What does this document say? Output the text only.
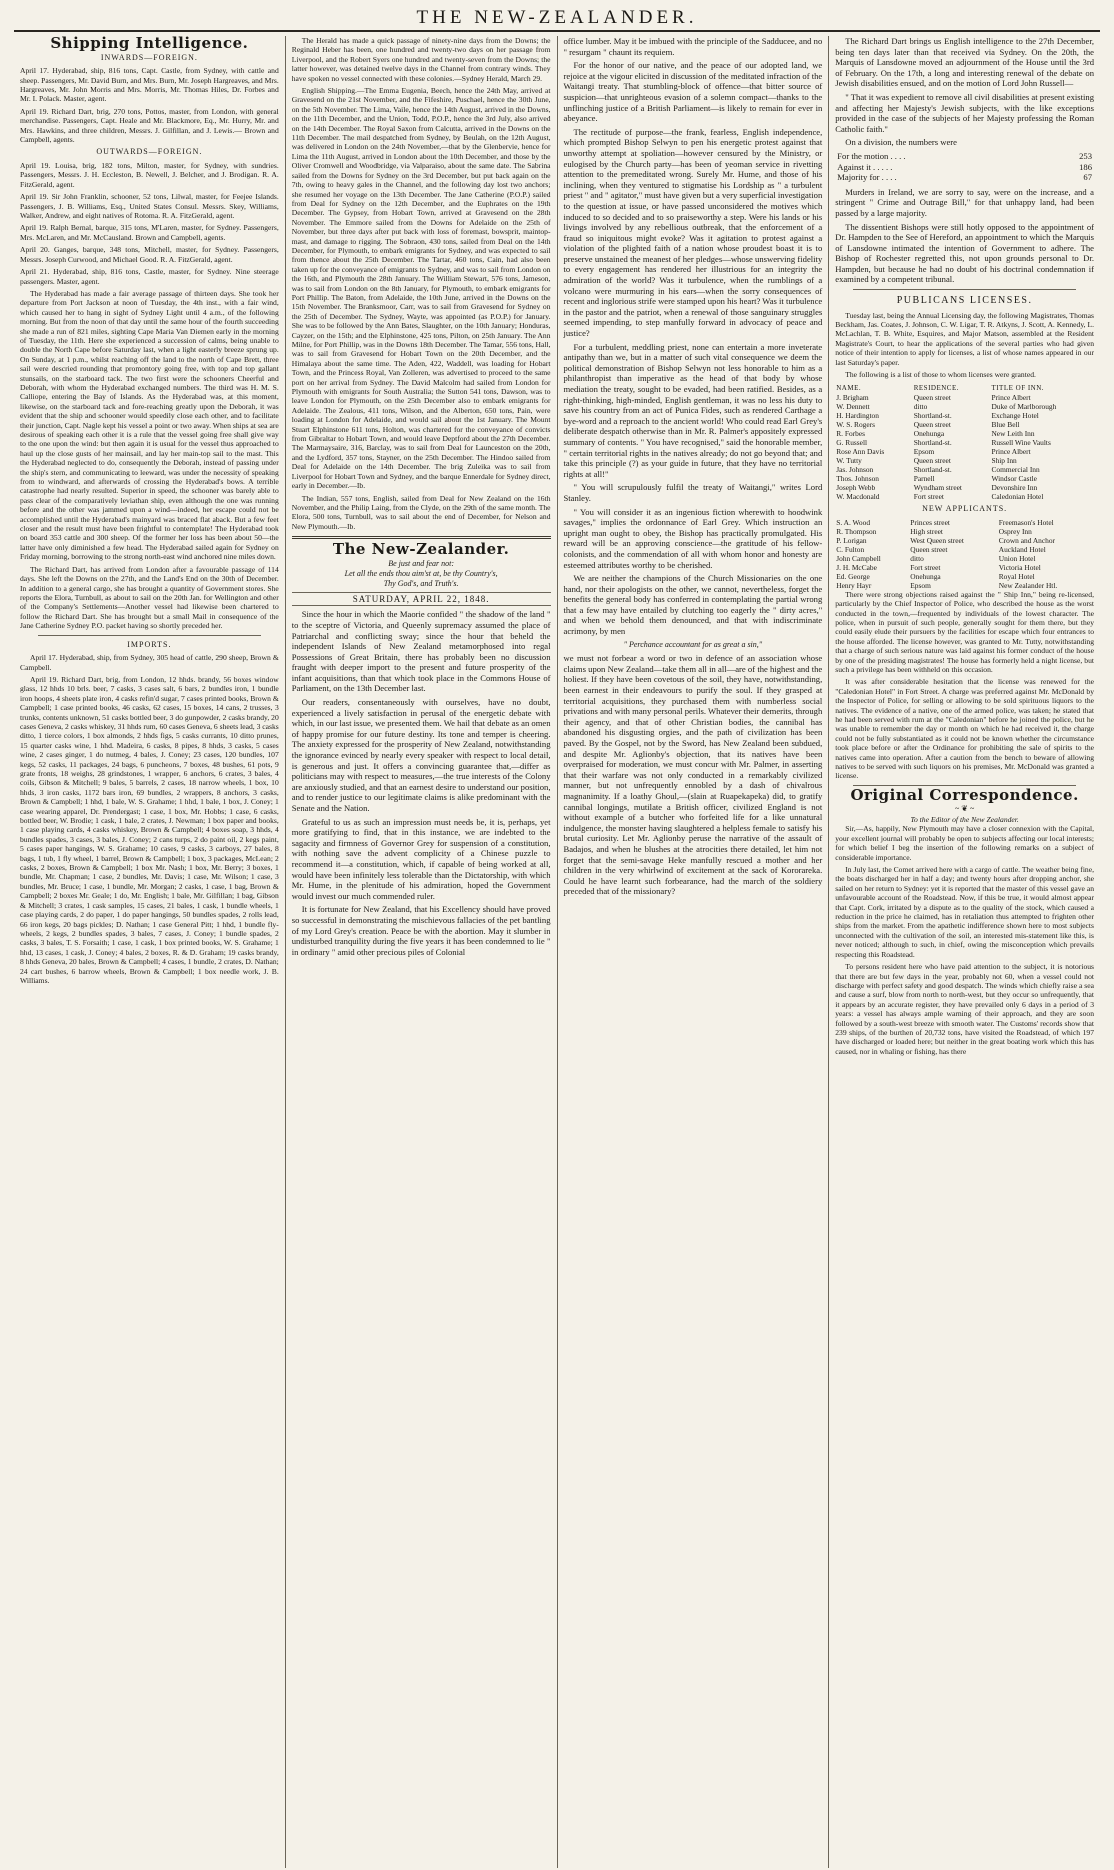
THE NEW-ZEALANDER.
Shipping Intelligence.
INWARDS—FOREIGN.

April 17. Hyderabad, ship, 816 tons, Capt. Castle, from Sydney, with cattle and sheep. Passengers, Mr. David Burn, and Mrs. Burn, Mr. Joseph Hargreaves, and Mrs. Hargreaves, Mr. John Morris and Mrs. Morris, Mr. Thomas Hiles, Dr. Forbes and Mr. I. Polack. Master, agent.

April 19. Richard Dart, brig, 270 tons, Pottos, master, from London, with general merchandise. Passengers, Capt. Heale and Mr. Blackmore, Eq., Mr. Hurry, Mr. and Mrs. Hawkins, and three children, Messrs. J. Gilfillan, and J. Lewis.— Brown and Campbell, agents.

OUTWARDS—FOREIGN.

April 19. Louisa, brig, 182 tons, Milton, master, for Sydney, with sundries. Passengers, Messrs. J. H. Eccleston, B. Newell, J. Belcher, and J. Brodigan. R. A. FitzGerald, agent.

April 19. Sir John Franklin, schooner, 52 tons, Lilwal, master, for Feejee Islands. Passengers, J. B. Williams, Esq., United States Consul. Messrs. Skey, Williams, Walker, Andrew, and eight natives of Rotoma. R. A. FitzGerald, agent.

April 19. Ralph Bernal, barque, 315 tons, M'Laren, master, for Sydney. Passengers, Mrs. McLaren, and Mr. McCausland. Brown and Campbell, agents.

April 20. Ganges, barque, 348 tons, Mitchell, master, for Sydney. Passengers, Messrs. Joseph Curwood, and Michael Good. R. A. FitzGerald, agent.

April 21. Hyderabad, ship, 816 tons, Castle, master, for Sydney. Nine steerage passengers. Master, agent.

The Hyderabad has made a fair average passage of thirteen days. She took her departure from Port Jackson at noon of Tuesday, the 4th inst., with a fair wind, which caused her to hang in sight of Sydney Light until 4 a.m., of the following morning. But from the noon of that day until the same hour of the fourth succeeding she made a run of 821 miles, sighting Cape Maria Van Diemen early in the morning of Tuesday, the 11th. Here she experienced a succession of calms, being unable to double the North Cape before Saturday last, when a light easterly breeze sprung up. On Sunday, at 1 p.m., whilst reaching off the land to the north of Cape Brett, three sail were descried rounding that promontory going free, with top and top gallant stunsails, on the starboard tack. The two first were the schooners Cheerful and Deborah, with whom the Hyderabad exchanged numbers. The third was H. M. S. Calliope, entering the Bay of Islands. As the Hyderabad was, at this moment, likewise, on the starboard tack and fore-reaching greatly upon the Deborah, it was evident that the ship and schooner would speedily close each other, and to facilitate their junction, Capt. Nagle kept his vessel a point or two away. When ships at sea are desirous of speaking each other it is a rule that the vessel going free shall give way to the one upon the wind: but then again it is usual for the vessel thus approached to haul up the close gusts of her mainsail, and lay her main-top sail to the mast. This the Hyderabad neglected to do, consequently the Deborah, instead of passing under the ship's stern, and communicating to leeward, was under the necessity of speaking from to windward, and afterwards of crossing the Hyderabad's bows. A terrible catastrophe had nearly resulted. Superior in speed, the schooner was barely able to pass clear of the comparatively leviathan ship, even although the one was running before and the other was jammed upon a wind—indeed, her escape could not be accomplished until the Hyderabad's mainyard was braced flat aback. But a few feet closer and the result must have been frightful to contemplate! The Hyderabad took on board 353 cattle and 300 sheep. Of the former her loss has been about 50—the latter have only diminished a few head. The Hyderabad sailed again for Sydney on Friday morning, borrowing to the strong north-east wind anchored nine miles down.

The Richard Dart, has arrived from London after a favourable passage of 114 days. She left the Downs on the 27th, and the Land's End on the 30th of December. In addition to a general cargo, she has brought a quantity of Government stores. She reports the Elora, Turnbull, as about to sail on the 20th Jan. for Wellington and other of the Company's Settlements—Another vessel had likewise been chartered to follow the Richard Dart. She has brought but a small Mail in consequence of the Jane Catherine Sydney P.O. packet having so shortly preceded her.

IMPORTS.

April 17. Hyderabad, ship, from Sydney, 305 head of cattle, 290 sheep, Brown & Campbell.

April 19. Richard Dart, brig, from London, 12 hhds. brandy, 56 boxes window glass, 12 hhds 10 brls. beer, 7 casks, 3 cases salt, 6 bars, 2 bundles iron, 1 bundle iron hoops, 4 sheets plate iron, 4 casks refin'd sugar, 7 cases printed books, Brown & Campbell; 1 case printed books, 46 casks, 62 cases, 15 boxes, 14 cans, 2 trusses, 3 trunks, contents unknown, 51 casks bottled beer, 3 do gunpowder, 2 casks brandy, 20 cases Geneva, 2 casks whiskey, 31 hhds rum, 60 cases Geneva, 6 sheets lead, 3 casks ditto, 1 tierce colors, 1 box almonds, 2 hhds figs, 5 casks currants, 10 ditto prunes, 15 quarter casks wine, 1 hhd. Madeira, 6 casks, 8 pipes, 8 hhds, 3 casks, 5 cases wine, 2 cases ginger, 1 do nutmeg, 4 bales, J. Coney; 23 cases, 120 bundles, 107 kegs, 52 casks, 11 packages, 24 bags, 6 puncheons, 7 boxes, 48 bushes, 61 pots, 9 grate fronts, 18 weighs, 28 grindstones, 1 wrapper, 6 anchors, 6 crates, 3 bales, 4 coils, Gibson & Mitchell; 9 bales, 5 barrels, 2 cases, 18 narrow wheels, 1 box, 10 hhds, 3 iron casks, 1172 bars iron, 69 bundles, 2 wrappers, 8 anchors, 3 casks, Brown & Campbell; 1 hhd, 1 bale, W. S. Grahame; 1 hhd, 1 bale, 1 box, J. Coney; 1 case wearing apparel, Dr. Prendergast; 1 case, 1 box, Mr. Hobbs; 1 case, 6 casks, bottled beer, W. Brodie; 1 cask, 1 bale, 2 crates, J. Newman; 1 box paper and books, 1 case playing cards, 4 casks whiskey, Brown & Campbell; 4 boxes soap, 3 hhds, 4 bundles spades, 3 cases, 3 bales, J. Coney; 2 cans turps, 2 do paint oil, 2 kegs paint, 5 cases paper hangings, W. S. Grahame; 10 cases, 9 casks, 3 carboys, 27 bales, 8 bags, 1 tub, 1 fly wheel, 1 barrel, Brown & Campbell; 1 box, 3 packages, McLean; 2 casks, 2 boxes, Brown & Campbell; 1 box Mr. Nash; 1 box, Mr. Berry; 3 boxes, 1 bundle, Mr. Chapman; 1 case, 2 bundles, Mr. Davis; 1 case, Mr. Wilson; 1 case, 3 bundles, Mr. Bruce; 1 case, 1 bundle, Mr. Morgan; 2 casks, 1 case, 1 bag, Brown & Campbell; 2 boxes Mr. Geale; 1 do, Mr. English; 1 bale, Mr. Gilfillan; 1 bag, Gibson & Mitchell; 3 crates, 1 cask samples, 15 cases, 21 bales, 1 cask, 1 bundle wheels, 1 case playing cards, 2 do paper, 1 do paper hangings, 50 bundles spades, 2 rolls lead, 66 iron kegs, 20 bags pickles; D. Nathan; 1 case General Pitt; 1 hhd, 1 bundle fly-wheels, 2 kegs, 2 bundles spades, 3 bales, 7 cases, J. Coney; 1 bundle spades, 2 casks, 3 bales, T. S. Forsaith; 1 case, 1 cask, 1 box printed books, W. S. Grahame; 1 hhd, 13 cases, 1 cask, J. Coney; 4 bales, 2 boxes, R. & D. Graham; 19 casks brandy, 8 hhds Geneva, 20 bales, Brown & Campbell; 4 cases, 1 bundle, 2 crates, D. Nathan; 24 cart bushes, 6 barrow wheels, Brown & Campbell; 1 box needle work, J. B. Williams.

The Herald has made a quick passage of ninety-nine days from the Downs; the Reginald Heber has been, one hundred and twenty-two days on her passage from Liverpool, and the Robert Syers one hundred and twenty-seven from the Downs; the latter however, was detained twelve days in the Channel from contrary winds. They have spoken no vessel connected with these colonies.—Sydney Herald, March 29.

English Shipping.—The Emma Eugenia, Beech, hence the 24th May, arrived at Gravesend on the 21st November, and the Fifeshire, Puschael, hence the 30th June, on the 5th November. The Lima, Vaile, hence the 14th August, arrived in the Downs, on the 11th December, and the Union, Todd, P.O.P., hence the 3rd July, also arrived on the 14th December. The Royal Saxon from Calcutta, arrived in the Downs on the 11th December. The mail despatched from Sydney, by Beulah, on the 12th August, was delivered in London on the 24th November,—that by the Glenbervie, hence for Lima the 11th August, arrived in London about the 10th December, and those by the Oliver Cromwell and Woodbridge, via Valparaiso, about the same date. The Sabrina sailed from the Downs for Sydney on the 3rd December, but put back again on the 7th, owing to heavy gales in the Channel, and the following day lost two anchors; she resumed her voyage on the 13th December. The Jane Catherine (P.O.P.) sailed from Deal for Sydney on the 12th December, and the Euphrates on the 19th December. The Gypsey, from Hobart Town, arrived at Gravesend on the 28th November. The Emmore sailed from the Downs for Adelaide on the 25th of November, but three days after put back with loss of foremast, bowsprit, maintop-mast, and damage to rigging. The Sobraon, 430 tons, sailed from Deal on the 14th December, for Plymouth, to embark emigrants for Sydney, and was expected to sail from thence about the 25th December. The Tartar, 460 tons, Cain, had also been taken up for the conveyance of emigrants to Sydney, and was to sail from London on the 16th, and Plymouth the 28th January. The William Stewart, 576 tons, Jameson, was to sail from London on the 8th January, for Plymouth, to embark emigrants for Port Phillip. The Baton, from Adelaide, the 10th June, arrived in the Downs on the 15th November. The Branksmoor, Carr, was to sail from Gravesend for Sydney on the 25th of December. The Sydney, Wayte, was appointed (as P.O.P.) for January. She was to be followed by the Ann Bates, Slaughter, on the 10th January; Honduras, Cayzer, on the 15th; and the Elphinstone, 425 tons, Pilton, on 25th January. The Ann Milne, for Port Phillip, was in the Downs 18th December. The Tamar, 556 tons, Hall, was to sail from Gravesend for Hobart Town on the 20th December, and the Himalaya about the same time. The Aden, 422, Waddell, was loading for Hobart Town, and the Princess Royal, Van Zolleren, was advertised to proceed to the same port on her arrival from Sydney. The David Malcolm had sailed from London for Plymouth with emigrants for South Australia; the Sutton 541 tons, Dawson, was to leave London for Plymouth, on the 25th December also to embark emigrants for Adelaide. The Zealous, 411 tons, Wilson, and the Alberton, 650 tons, Pain, were loading at London for Adelaide, and would sail about the 1st January. The Mount Stuart Elphinstone 611 tons, Holton, was chartered for the conveyance of convicts from Gibraltar to Hobart Town, and would leave Deptford about the 27th December. The Marmaysaire, 316, Barclay, was to sail from Deal for Launceston on the 20th, and the Lydford, 357 tons, Stayner, on the 25th December. The Hindoo sailed from Deal for Adelaide on the 14th December. The brig Zuleika was to sail from Liverpool for Hobart Town and Sydney, and the barque Ennerdale for Sydney direct, early in December.—Ib.

The Indian, 557 tons, English, sailed from Deal for New Zealand on the 16th November, and the Philip Laing, from the Clyde, on the 29th of the same month. The Elora, 500 tons, Turnbull, was to sail about the end of December, for Nelson and New Plymouth.—Ib.

The New-Zealander.
Be just and fear not:
Let all the ends thou aim'st at, be thy Country's,
Thy God's, and Truth's.
SATURDAY, APRIL 22, 1848.

Since the hour in which the Maorie confided " the shadow of the land " to the sceptre of Victoria, and Queenly supremacy assumed the place of Patriarchal and conflicting sway; since the hour that beheld the independent Islands of New Zealand metamorphosed into regal Possessions of Great Britain, there has probably been no discussion fraught with deeper import to the present and future prosperity of the infant acquisitions, than that which took place in the Commons House of Parliament, on the 13th December last.

Our readers, consentaneously with ourselves, have no doubt, experienced a lively satisfaction in perusal of the energetic debate with which, in our last issue, we presented them. We hail that debate as an omen of happy promise for our future destiny. Its tone and temper is cheering. The anxiety expressed for the prosperity of New Zealand, notwithstanding the ignorance evinced by nearly every speaker with respect to local detail, is generous and just. It offers a convincing guarantee that,—differ as politicians may with respect to measures,—the true interests of the Colony are anxiously studied, and that an earnest desire to understand our position, and to render justice to our legitimate claims is alike predominant with the Senate and the Nation.

Grateful to us as such an impression must needs be, it is, perhaps, yet more gratifying to find, that in this instance, we are indebted to the sagacity and firmness of Governor Grey for suspension of a constitution, with nothing save the advent complicity of a Chinese puzzle to recommend it—a constitution, which, if capable of being worked at all, would have been infinitely less tolerable than the Dictatorship, with which Mr. Hume, in the plenitude of his admiration, hoped the Government would invest our much commended ruler.

It is fortunate for New Zealand, that his Excellency should have proved so successful in demonstrating the mischievous fallacies of the pet bantling of my Lord Grey's creation. Peace be with the abortion. May it slumber in undisturbed tranquility during the five years it has been condemned to lie " in ordinary " amid other precious piles of Colonial

office lumber. May it be imbued with the principle of the Sadducee, and no " resurgam " chaunt its requiem.

For the honor of our native, and the peace of our adopted land, we rejoice at the vigour elicited in discussion of the meditated infraction of the Waitangi treaty. That stumbling-block of offence—that bitter source of suspicion—that unrighteous evasion of a solemn compact—thanks to the unflinching justice of a British Parliament—is likely to remain for ever in abeyance.

The rectitude of purpose—the frank, fearless, English independence, which prompted Bishop Selwyn to pen his energetic protest against that unworthy attempt at spoliation—however censured by the Ministry, or eulogised by the Church party—has been of yeoman service in rivetting attention to the premeditated wrong. Surely Mr. Hume, and those of his inclining, when they ventured to stigmatise his Lordship as " a turbulent priest " and " agitator," must have given but a very superficial investigation to the question at issue, or have passed unconsidered the motives which induced to so decided and to so praiseworthy a step. Were his lands or his livings involved by any rebellious outbreak, that the enforcement of a fraud so iniquitous might evoke? Was it agitation to protest against a violation of the plighted faith of a nation whose proudest boast it is to preserve unstained the meanest of her pledges—whose unswerving fidelity to every engagement has rendered her illustrious for an integrity the admiration of the world? Was it turbulence, when the rumblings of a volcano were murmuring in his ears—when the sorry consequences of recent and inglorious strife were stamped upon his heart? Was it turbulence in the pastor and the patriot, when a renewal of those sanguinary struggles seemed impending, to step manfully forward in advocacy of peace and justice?

For a turbulent, meddling priest, none can entertain a more inveterate antipathy than we, but in a matter of such vital consequence we deem the political demonstration of Bishop Selwyn not less honorable to him as a philanthropist than imperative as the head of that body by whose mediation the treaty, sought to be evaded, had been ratified. Besides, as a right-thinking, high-minded, English gentleman, it was no less his duty to save his country from an act of Punica Fides, such as rendered Carthage a bye-word and a reproach to the ancient world! Who could read Earl Grey's deliberate despatch otherwise than in Mr. R. Palmer's appositely expressed summary of contents. " You have recognised," said the honorable member, " certain territorial rights in the natives already; do not go beyond that; and take this principle (?) as your guide in future, that they have no territorial rights at all!"

" You will scrupulously fulfil the treaty of Waitangi," writes Lord Stanley.

" You will consider it as an ingenious fiction wherewith to hoodwink savages," implies the ordonnance of Earl Grey. Which instruction an upright man ought to obey, the Bishop has practically promulgated. His reward will be an approving conscience—the gratitude of his fellow-colonists, and the commendation of all with whom honor and honesty are esteemed attributes worthy to be cherished.

We are neither the champions of the Church Missionaries on the one hand, nor their apologists on the other, we cannot, nevertheless, forget the benefits the general body has conferred in contemplating the partial wrong that a few may have entailed by clutching too eagerly the " dirty acres," and when we behold them denounced, and that with indiscriminate acrimony, by men

" Perchance accountant for as great a sin,"

we must not forbear a word or two in defence of an association whose claims upon New Zealand—take them all in all—are of the highest and the holiest. If they have been covetous of the soil, they have, notwithstanding, been earnest in their endeavours to purify the soul. If they grasped at territorial acquisitions, they purchased them with numberless social privations and with many personal perils. Whatever their demerits, through their agency, and that of other Christian bodies, the cannibal has abandoned his disgusting orgies, and the path of civilization has been paved. By the Gospel, not by the Sword, has New Zealand been subdued, and despite Mr. Aglionby's objection, that its natives have been overpraised for moderation, we must concur with Mr. Palmer, in asserting that their warfare was not only conducted in a remarkably civilized manner, but not unfrequently ennobled by a dash of chivalrous magnanimity. If a loathy Ghoul,—(slain at Ruapekapeka) did, to gratify cannibal longings, mutilate a British officer, civilized England is not without example of a butcher who forfeited life for a like unnatural indulgence, the monster having slaughtered a helpless female to satisfy his brutal curiosity. Let Mr. Aglionby peruse the narrative of the assault of Badajos, and when he blushes at the atrocities there detailed, let him not forget that the semi-savage Heke manfully rescued a mother and her children in the very whirlwind of excitement at the sack of Kororareka. Could he have learnt such forbearance, had the march of the soldiery preceded that of the missionary?

The Richard Dart brings us English intelligence to the 27th December, being ten days later than that received via Sydney. On the 20th, the Marquis of Lansdowne moved an adjournment of the House until the 3rd of February. On the 17th, a long and interesting renewal of the debate on Jewish disabilities ensued, and on the motion of Lord John Russell—

" That it was expedient to remove all civil disabilities at present existing and affecting her Majesty's Jewish subjects, with the like exceptions provided in the case of the subjects of her Majesty professing the Roman Catholic faith."

On a division, the numbers were

For the motion . . . .	253
Against it . . . . .	186
Majority for . . . .	67

Murders in Ireland, we are sorry to say, were on the increase, and a stringent " Crime and Outrage Bill," for that unhappy land, had been passed by a large majority.

The dissentient Bishops were still hotly opposed to the appointment of Dr. Hampden to the See of Hereford, an appointment to which the Marquis of Lansdowne intimated the intention of Government to adhere. The Bishop of Rochester regretted this, not upon grounds personal to Dr. Hampden, but because he had no doubt of his doctrinal condemnation if examined by a competent tribunal.

PUBLICANS LICENSES.

Tuesday last, being the Annual Licensing day, the following Magistrates, Thomas Beckham, Jas. Coates, J. Johnson, C. W. Ligar, T. R. Atkyns, J. Scott, A. Kennedy, L. McLachlan, T. B. White, Esquires, and Major Matson, assembled at the Resident Magistrate's Court, to hear the applications of the several parties who had given notice of their intention to apply for licenses, a list of whose names appeared in our last Saturday's paper.

The following is a list of those to whom licenses were granted.

NAME.	RESIDENCE.	TITLE OF INN.
J. Brigham	Queen street	Prince Albert
W. Dennett	ditto	Duke of Marlborough
H. Hardington	Shortland-st.	Exchange Hotel
W. S. Rogers	Queen street	Blue Bell
R. Forbes	Onehunga	New Leith Inn
G. Russell	Shortland-st.	Russell Wine Vaults
Rose Ann Davis	Epsom	Prince Albert
W. Tutty	Queen street	Ship Inn
Jas. Johnson	Shortland-st.	Commercial Inn
Thos. Johnson	Parnell	Windsor Castle
Joseph Webb	Wyndham street	Devonshire Inn
W. Macdonald	Fort street	Caledonian Hotel
NEW APPLICANTS.
S. A. Wood	Princes street	Freemason's Hotel
R. Thompson	High street	Osprey Inn
P. Lorigan	West Queen street	Crown and Anchor
C. Fulton	Queen street	Auckland Hotel
John Campbell	ditto	Union Hotel
J. H. McCabe	Fort street	Victoria Hotel
Ed. George	Onehunga	Royal Hotel
Henry Hayr	Epsom	New Zealander Htl.

There were strong objections raised against the " Ship Inn," being re-licensed, particularly by the Chief Inspector of Police, who described the house as the worst conducted in the town,—frequented by individuals of the lowest character. The police, when in pursuit of such people, generally sought for them there, but they could easily elude their pursuers by the facilities for escape which four entrances to the house afforded. The license however, was granted to Mr. Tutty, notwithstanding that a charge of such serious nature was laid against his former conduct of the house by one of the presiding magistrates! The house has formerly held a night license, but such a privilege has been withheld on this occasion.

It was after considerable hesitation that the license was renewed for the "Caledonian Hotel" in Fort Street. A charge was preferred against Mr. McDonald by the Inspector of Police, for selling or allowing to be sold spirituous liquors to the natives. The evidence of a native, one of the armed police, was taken; he stated that he had been served with rum at the "Caledonian" before he joined the police, but he was unable to remember the day or month on which he had received it, the charge could not be fully substantiated as it could not be known whether the circumstance took place before or after the Ordinance for prohibiting the sale of spirits to the natives came into operation. After a caution from the bench to beware of allowing natives to be served with such liquors on his premises, Mr. McDonald was granted a license.

Original Correspondence.
~ ❦ ~
To the Editor of the New Zealander.

Sir,—As, happily, New Plymouth may have a closer connexion with the Capital, your excellent journal will probably be open to subjects affecting our local interests; for which belief I beg the insertion of the following remarks on a subject of considerable importance.

In July last, the Comet arrived here with a cargo of cattle. The weather being fine, the boats discharged her in half a day; and twenty hours after dropping anchor, she sailed on her return to Sydney: yet it is reported that the master of this vessel gave an unfavourable account of the Roadstead. Now, if this be true, it would almost appear that Capt. Cork, irritated by a dispute as to the quality of the stock, which caused a reduction in the price he claimed, has in retaliation thus attempted to frighten other ships from the market. From the apathetic indifference shown here to most subjects unconnected with the cultivation of the soil, an interested mis-statement like this, is never noticed; although to such, in chief, owing the misconception which prevails respecting this Roadstead.

To persons resident here who have paid attention to the subject, it is notorious that there are but few days in the year, probably not 60, when a vessel could not discharge with perfect safety and good despatch. The winds which chiefly raise a sea and cause a surf, blow from north to north-west, but they occur so unfrequently, that it appears by an accurate register, they have prevailed only 6 days in a period of 3 years: a vessel has always ample warning of their approach, and they are soon followed by a south-west breeze with smooth water. The Customs' records show that 239 ships, of the burthen of 20,732 tons, have visited the Roadstead, of which 197 have discharged or loaded here; but neither in the great boating work which this has caused, nor in whaling or fishing, has there
